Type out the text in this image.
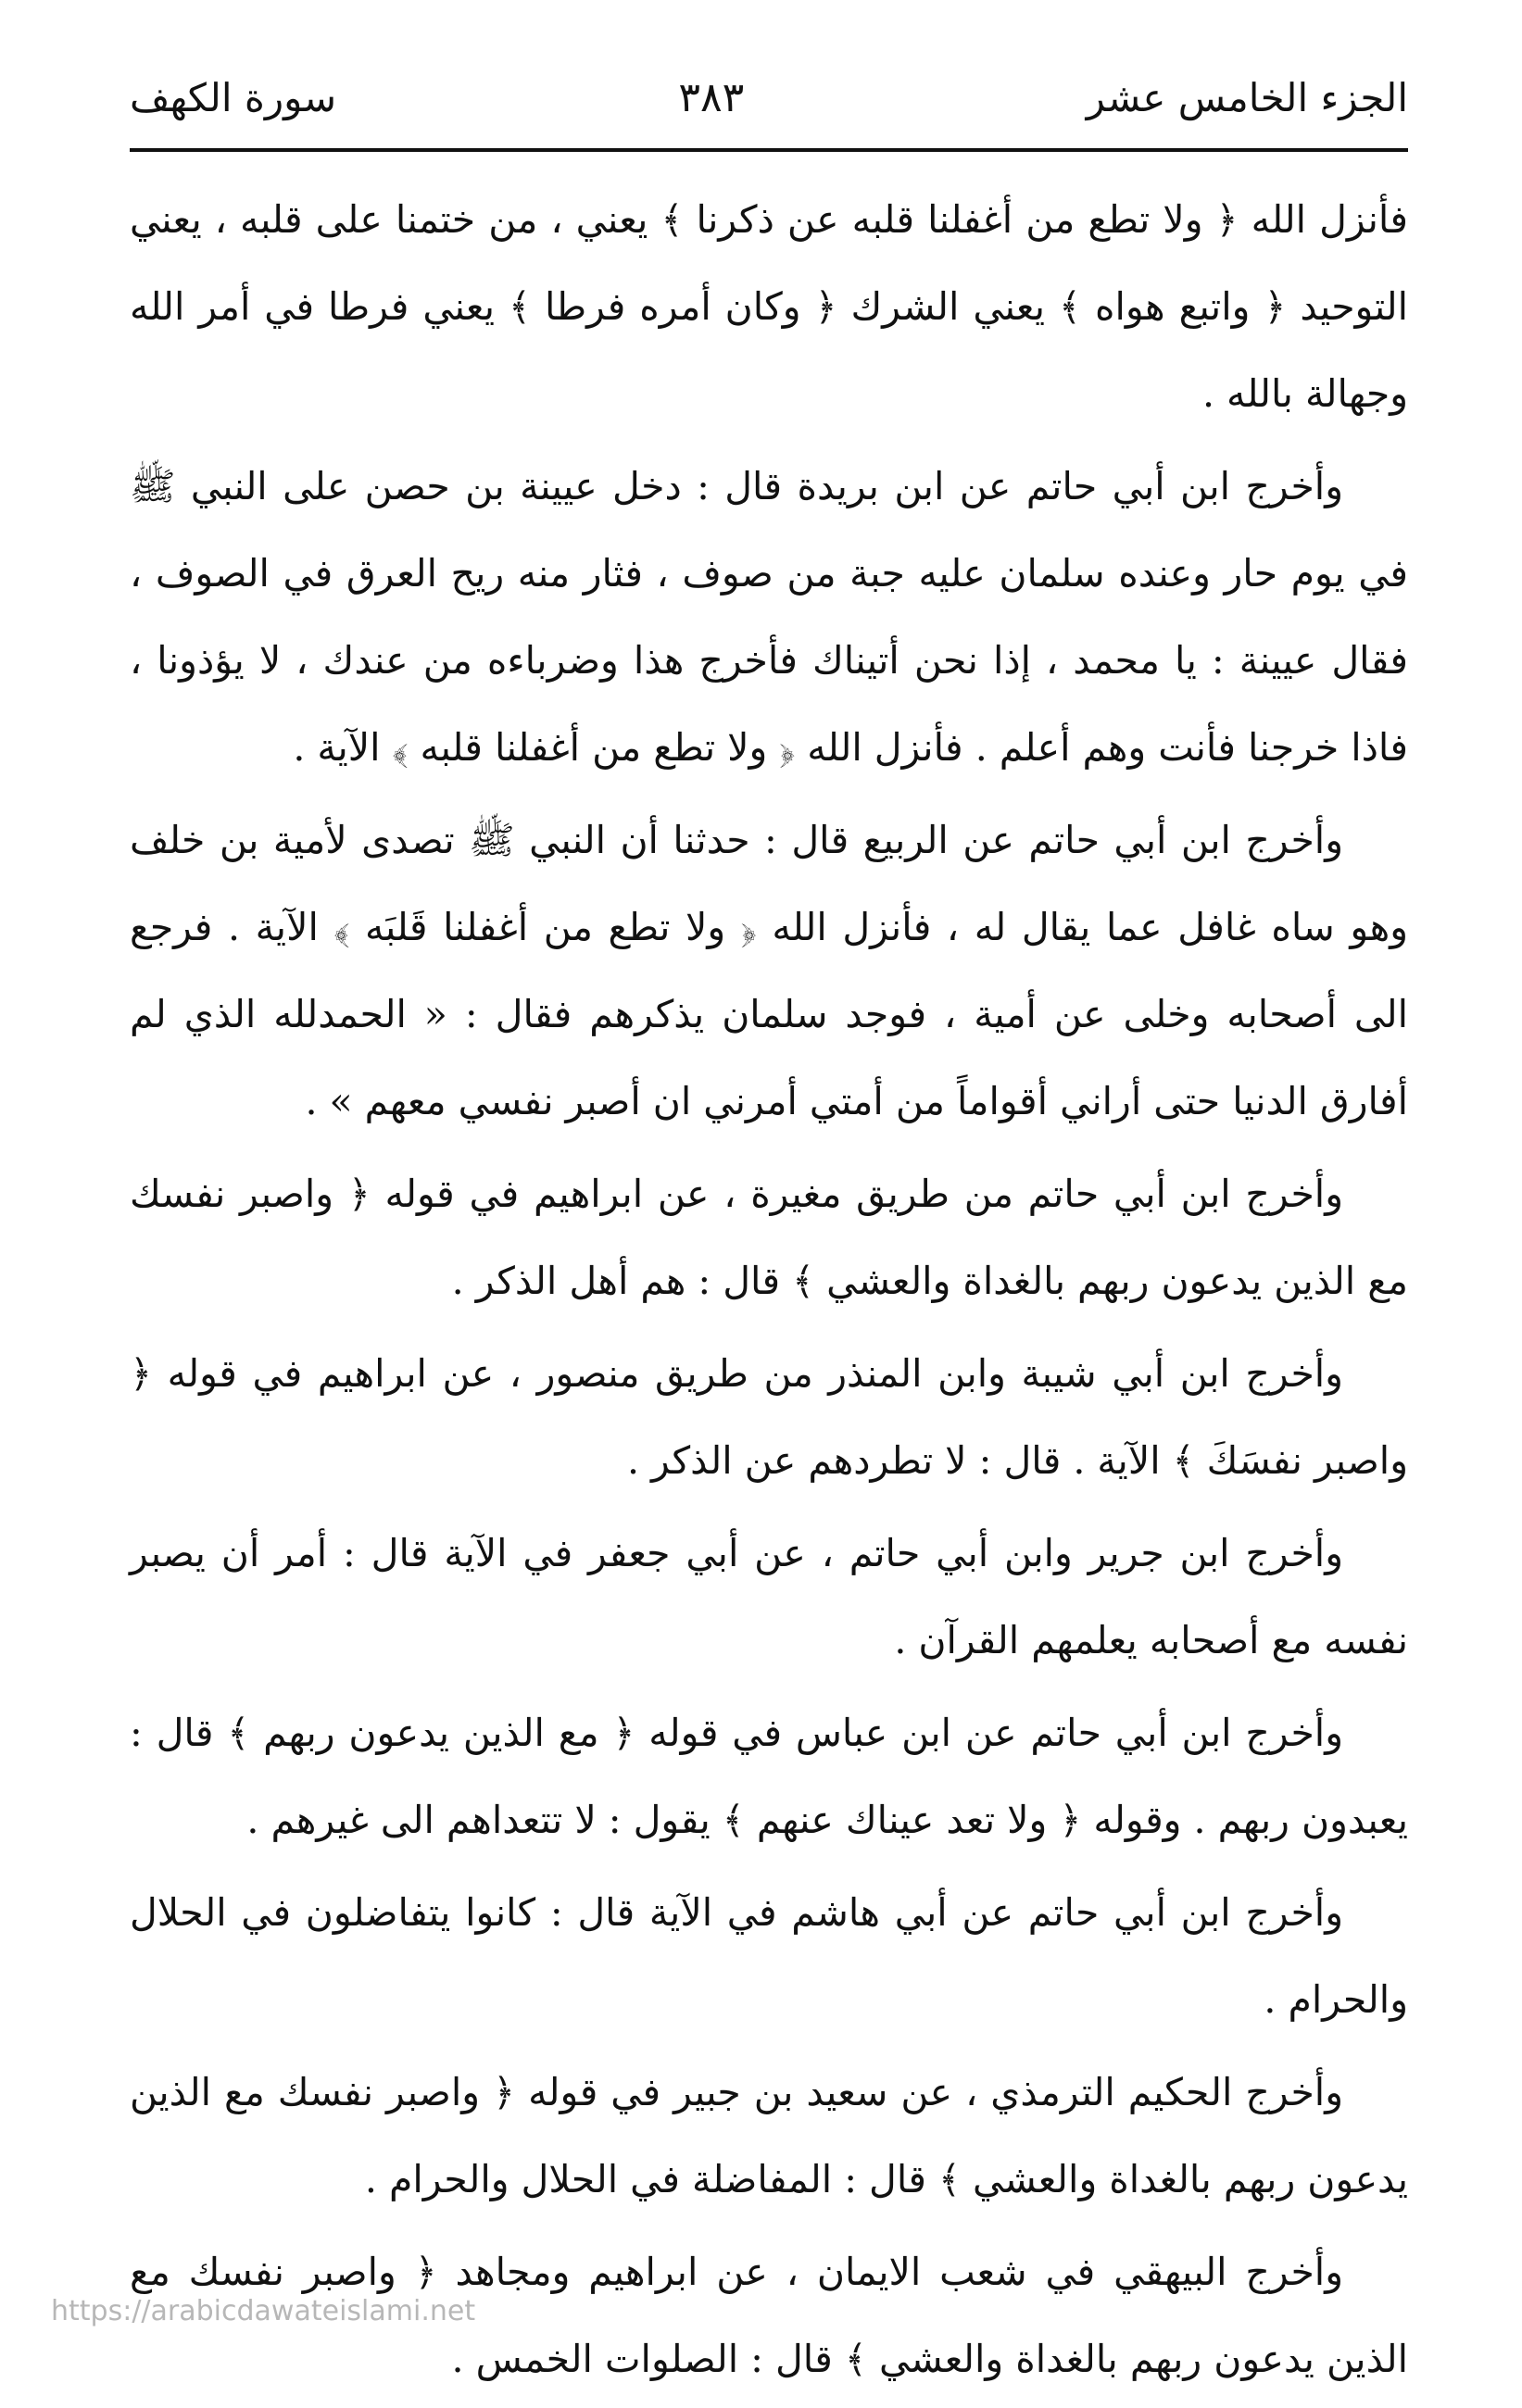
الجزء الخامس عشر
٣٨٣
سورة الكهف

فأنزل الله ﴿ ولا تطع من أغفلنا قلبه عن ذكرنا ﴾ يعني ، من ختمنا على قلبه ، يعني التوحيد ﴿ واتبع هواه ﴾ يعني الشرك ﴿ وكان أمره فرطا ﴾ يعني فرطا في أمر الله وجهالة بالله .

وأخرج ابن أبي حاتم عن ابن بريدة قال : دخل عيينة بن حصن على النبي ﷺ في يوم حار وعنده سلمان عليه جبة من صوف ، فثار منه ريح العرق في الصوف ، فقال عيينة : يا محمد ، إذا نحن أتيناك فأخرج هذا وضرباءه من عندك ، لا يؤذونا ، فاذا خرجنا فأنت وهم أعلم . فأنزل الله ﴿ ولا تطع من أغفلنا قلبه ﴾ الآية .

وأخرج ابن أبي حاتم عن الربيع قال : حدثنا أن النبي ﷺ تصدى لأمية بن خلف وهو ساه غافل عما يقال له ، فأنزل الله ﴿ ولا تطع من أغفلنا قَلبَه ﴾ الآية . فرجع الى أصحابه وخلى عن أمية ، فوجد سلمان يذكرهم فقال : « الحمدلله الذي لم أفارق الدنيا حتى أراني أقواماً من أمتي أمرني ان أصبر نفسي معهم » .

وأخرج ابن أبي حاتم من طريق مغيرة ، عن ابراهيم في قوله ﴿ واصبر نفسك مع الذين يدعون ربهم بالغداة والعشي ﴾ قال : هم أهل الذكر .

وأخرج ابن أبي شيبة وابن المنذر من طريق منصور ، عن ابراهيم في قوله ﴿ واصبر نفسَكَ ﴾ الآية . قال : لا تطردهم عن الذكر .

وأخرج ابن جرير وابن أبي حاتم ، عن أبي جعفر في الآية قال : أمر أن يصبر نفسه مع أصحابه يعلمهم القرآن .

وأخرج ابن أبي حاتم عن ابن عباس في قوله ﴿ مع الذين يدعون ربهم ﴾ قال : يعبدون ربهم . وقوله ﴿ ولا تعد عيناك عنهم ﴾ يقول : لا تتعداهم الى غيرهم .

وأخرج ابن أبي حاتم عن أبي هاشم في الآية قال : كانوا يتفاضلون في الحلال والحرام .

وأخرج الحكيم الترمذي ، عن سعيد بن جبير في قوله ﴿ واصبر نفسك مع الذين يدعون ربهم بالغداة والعشي ﴾ قال : المفاضلة في الحلال والحرام .

وأخرج البيهقي في شعب الايمان ، عن ابراهيم ومجاهد ﴿ واصبر نفسك مع الذين يدعون ربهم بالغداة والعشي ﴾ قال : الصلوات الخمس .

https://arabicdawateislami.net
